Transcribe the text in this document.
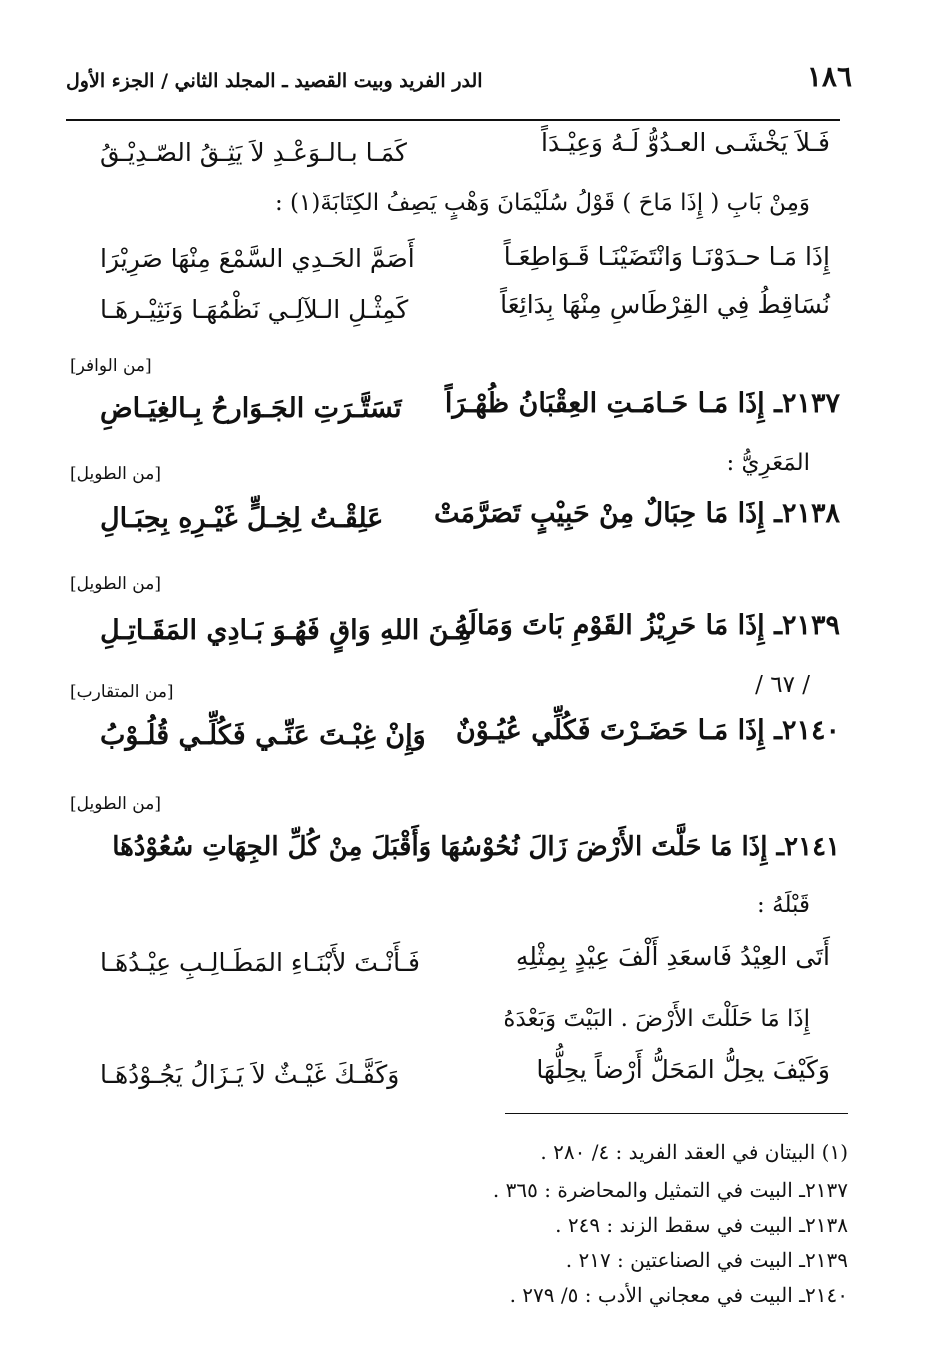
١٨٦
الدر الفريد وبيت القصيد ـ المجلد الثاني / الجزء الأول
فَـلاَ يَخْشَـى العـدُوُّ لَـهُ وَعِيْـدَاً
كَمَـا بـالـوَعْـدِ لاَ يَثِـقُ الصّـدِيْـقُ
وَمِنْ بَابِ ( إِذَا مَاحَ ) قَوْلُ سُلَيْمَانَ وَهْبٍ يَصِفُ الكِتَابَةَ(١) :
إِذَا مَـا حـدَوْنَـا وَانْتَضَيْنَـا قَـوَاطِعَـاً
أَصَمَّ الحَـدِي السَّمْعَ مِنْهَا صَرِيْرَا
نُسَاقِطُ فِي القِرْطَاسِ مِنْهَا بِدَائِعَاً
كَمِثْـلِ الـلآلِـي نَظْمُهَـا وَنَثِيْـرهَـا
[من الوافر]
٢١٣٧ـ إِذَا مَـا حَـامَـتِ العِقْبَانُ ظُهْـرَاً
تَسَتَّـرَتِ الجَـوَارحُ بِـالغِيَـاضِ
المَعَرِيُّ :
[من الطويل]
٢١٣٨ـ إِذَا مَا حِبَالٌ مِنْ حَبِيْبٍ تَصَرَّمَتْ
عَلِقْـتُ لِخِـلٍّ غَيْـرِهِ بِحِبَـالِ
[من الطويل]
٢١٣٩ـ إِذَا مَا حَرِيْزُ القَوْمِ بَاتَ وَمَالَهُ
مِـنَ اللهِ وَاقٍ فَهُـوَ بَـادِي المَقَـاتِـلِ
/ ٦٧ /
[من المتقارب]
٢١٤٠ـ إِذَا مَـا حَضَـرْتَ فَكُلِّي عُيُـوْنٌ
وَإِنْ غِبْـتَ عَنِّـي فَكُلِّـي قُلُـوْبُ
[من الطويل]
٢١٤١ـ إِذَا مَا حَلَّتَ الأَرْضَ زَالَ نُحُوْسُهَا وَأَقْبَلَ مِنْ كُلِّ الجِهَاتِ سُعُوْدُهَا
قَبْلَهُ :
أَتَى العِيْدُ فَاسعَدِ أَلْفَ عِيْدٍ بِمِثْلِهِ
فَـأَنْـتَ لأَبْنَـاءِ المَطَـالِـبِ عِيْـدُهَـا
إِذَا مَا حَلَلْتَ الأَرْضَ . البَيْتَ وَبَعْدَهُ
وَكَيْفَ يحِلُّ المَحَلُّ أَرْضاً يحِلُّهَا
وَكَفَّـكَ غَيْـثٌ لاَ يَـزَالُ يَجُـوْدُهَـا
(١) البيتان في العقد الفريد : ٤/ ٢٨٠ .
٢١٣٧ـ البيت في التمثيل والمحاضرة : ٣٦٥ .
٢١٣٨ـ البيت في سقط الزند : ٢٤٩ .
٢١٣٩ـ البيت في الصناعتين : ٢١٧ .
٢١٤٠ـ البيت في معجاني الأدب : ٥/ ٢٧٩ .
